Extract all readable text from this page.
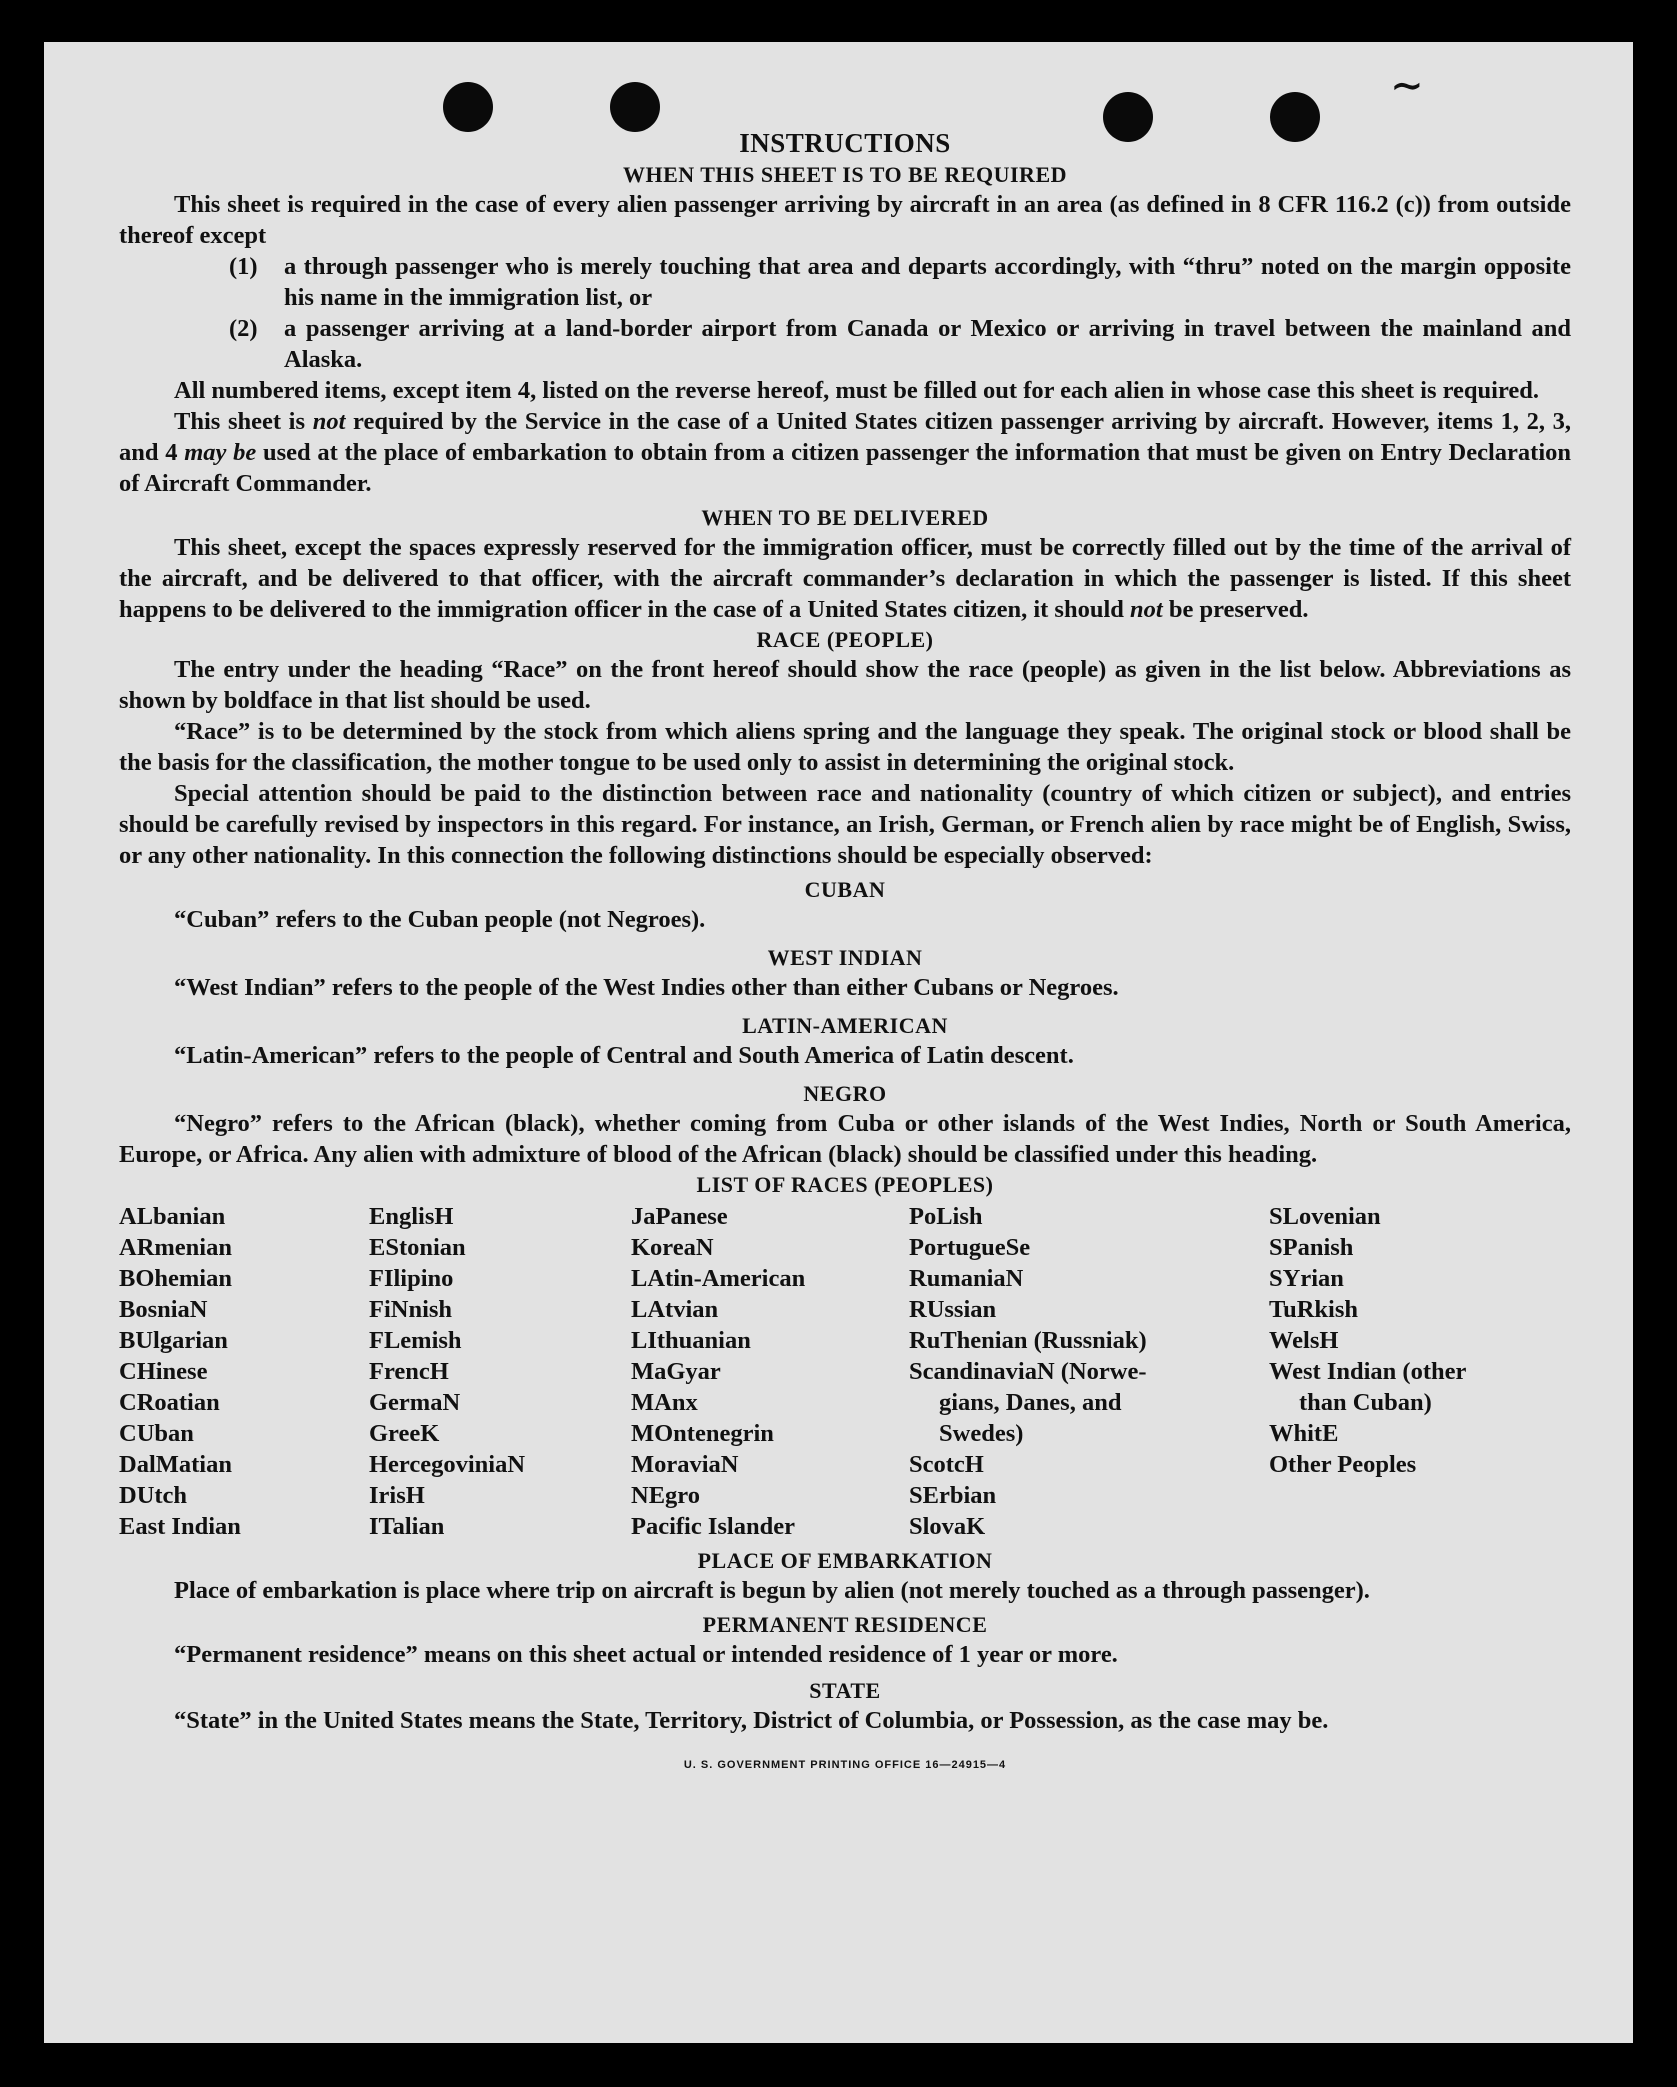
∼
INSTRUCTIONS
WHEN THIS SHEET IS TO BE REQUIRED

This sheet is required in the case of every alien passenger arriving by aircraft in an area (as defined in 8 CFR 116.2 (c)) from outside thereof except

(1)	a through passenger who is merely touching that area and departs accordingly, with “thru” noted on the margin opposite his name in the immigration list, or
(2)	a passenger arriving at a land-border airport from Canada or Mexico or arriving in travel between the mainland and Alaska.

All numbered items, except item 4, listed on the reverse hereof, must be filled out for each alien in whose case this sheet is required.

This sheet is not required by the Service in the case of a United States citizen passenger arriving by aircraft. However, items 1, 2, 3, and 4 may be used at the place of embarkation to obtain from a citizen passenger the information that must be given on Entry Declaration of Aircraft Commander.

WHEN TO BE DELIVERED

This sheet, except the spaces expressly reserved for the immigration officer, must be correctly filled out by the time of the arrival of the aircraft, and be delivered to that officer, with the aircraft commander’s declaration in which the passenger is listed. If this sheet happens to be delivered to the immigration officer in the case of a United States citizen, it should not be preserved.

RACE (PEOPLE)

The entry under the heading “Race” on the front hereof should show the race (people) as given in the list below. Abbreviations as shown by boldface in that list should be used.

“Race” is to be determined by the stock from which aliens spring and the language they speak. The original stock or blood shall be the basis for the classification, the mother tongue to be used only to assist in determining the original stock.

Special attention should be paid to the distinction between race and nationality (country of which citizen or subject), and entries should be carefully revised by inspectors in this regard. For instance, an Irish, German, or French alien by race might be of English, Swiss, or any other nationality. In this connection the following distinctions should be especially observed:

CUBAN

“Cuban” refers to the Cuban people (not Negroes).

WEST INDIAN

“West Indian” refers to the people of the West Indies other than either Cubans or Negroes.

LATIN-AMERICAN

“Latin-American” refers to the people of Central and South America of Latin descent.

NEGRO

“Negro” refers to the African (black), whether coming from Cuba or other islands of the West Indies, North or South America, Europe, or Africa. Any alien with admixture of blood of the African (black) should be classified under this heading.

LIST OF RACES (PEOPLES)
ALbanian
ARmenian
BOhemian
BosniaN
BUlgarian
CHinese
CRoatian
CUban
DalMatian
DUtch
East Indian
EnglisH
EStonian
FIlipino
FiNnish
FLemish
FrencH
GermaN
GreeK
HercegoviniaN
IrisH
ITalian
JaPanese
KoreaN
LAtin-American
LAtvian
LIthuanian
MaGyar
MAnx
MOntenegrin
MoraviaN
NEgro
Pacific Islander
PoLish
PortugueSe
RumaniaN
RUssian
RuThenian (Russniak)
ScandinaviaN (Norwe-
gians, Danes, and
Swedes)
ScotcH
SErbian
SlovaK
SLovenian
SPanish
SYrian
TuRkish
WelsH
West Indian (other
than Cuban)
WhitE
Other Peoples
PLACE OF EMBARKATION

Place of embarkation is place where trip on aircraft is begun by alien (not merely touched as a through passenger).

PERMANENT RESIDENCE

“Permanent residence” means on this sheet actual or intended residence of 1 year or more.

STATE

“State” in the United States means the State, Territory, District of Columbia, or Possession, as the case may be.

U. S. GOVERNMENT PRINTING OFFICE 16—24915—4
